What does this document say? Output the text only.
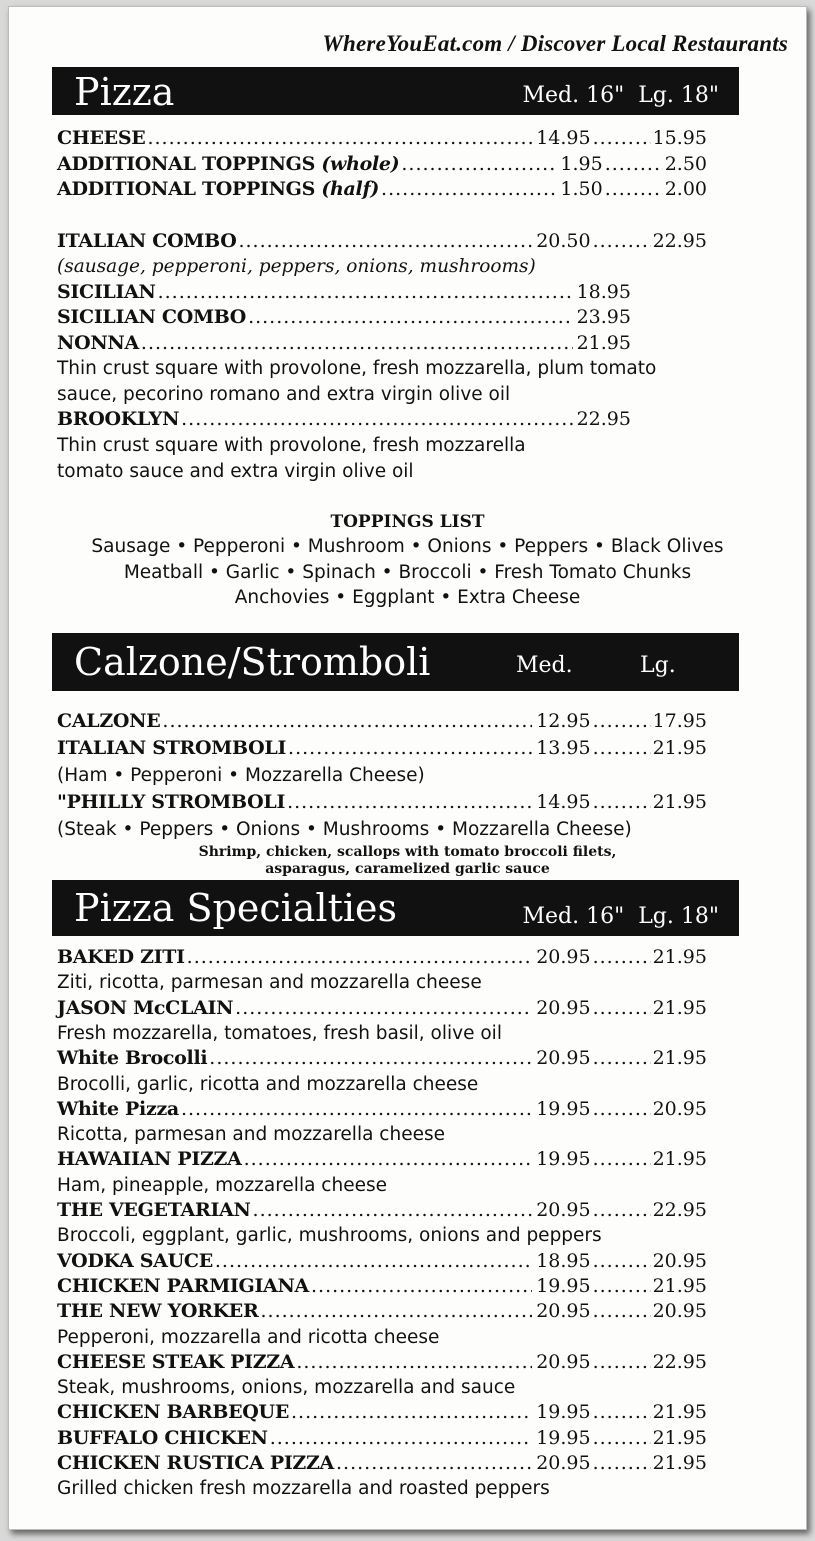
WhereYouEat.com / Discover Local Restaurants
Pizza	Med. 16"  Lg. 18"
CHEESE .....	14.95 .....	15.95
ADDITIONAL TOPPINGS (whole) .....	1.95 .....	2.50
ADDITIONAL TOPPINGS (half) .....	1.50 .....	2.00
ITALIAN COMBO .....	20.50 .....	22.95
(sausage, pepperoni, peppers, onions, mushrooms)
SICILIAN .....	18.95
SICILIAN COMBO .....	23.95
NONNA .....	21.95
Thin crust square with provolone, fresh mozzarella, plum tomato
sauce, pecorino romano and extra virgin olive oil
BROOKLYN .....	22.95
Thin crust square with provolone, fresh mozzarella
tomato sauce and extra virgin olive oil
TOPPINGS LIST
Sausage • Pepperoni • Mushroom • Onions • Peppers • Black Olives
Meatball • Garlic • Spinach • Broccoli • Fresh Tomato Chunks
Anchovies • Eggplant • Extra Cheese
Calzone/Stromboli	Med.	Lg.
CALZONE .....	12.95 .....	17.95
ITALIAN STROMBOLI .....	13.95 .....	21.95
(Ham • Pepperoni • Mozzarella Cheese)
"PHILLY STROMBOLI .....	14.95 .....	21.95
(Steak • Peppers • Onions • Mushrooms • Mozzarella Cheese)
Shrimp, chicken, scallops with tomato broccoli filets,
asparagus, caramelized garlic sauce
Pizza Specialties	Med. 16"  Lg. 18"
BAKED ZITI .....	20.95 .....	21.95
Ziti, ricotta, parmesan and mozzarella cheese
JASON McCLAIN .....	20.95 .....	21.95
Fresh mozzarella, tomatoes, fresh basil, olive oil
White Brocolli .....	20.95 .....	21.95
Brocolli, garlic, ricotta and mozzarella cheese
White Pizza .....	19.95 .....	20.95
Ricotta, parmesan and mozzarella cheese
HAWAIIAN PIZZA .....	19.95 .....	21.95
Ham, pineapple, mozzarella cheese
THE VEGETARIAN .....	20.95 .....	22.95
Broccoli, eggplant, garlic, mushrooms, onions and peppers
VODKA SAUCE .....	18.95 .....	20.95
CHICKEN PARMIGIANA .....	19.95 .....	21.95
THE NEW YORKER .....	20.95 .....	20.95
Pepperoni, mozzarella and ricotta cheese
CHEESE STEAK PIZZA .....	20.95 .....	22.95
Steak, mushrooms, onions, mozzarella and sauce
CHICKEN BARBEQUE .....	19.95 .....	21.95
BUFFALO CHICKEN .....	19.95 .....	21.95
CHICKEN RUSTICA PIZZA .....	20.95 .....	21.95
Grilled chicken fresh mozzarella and roasted peppers
